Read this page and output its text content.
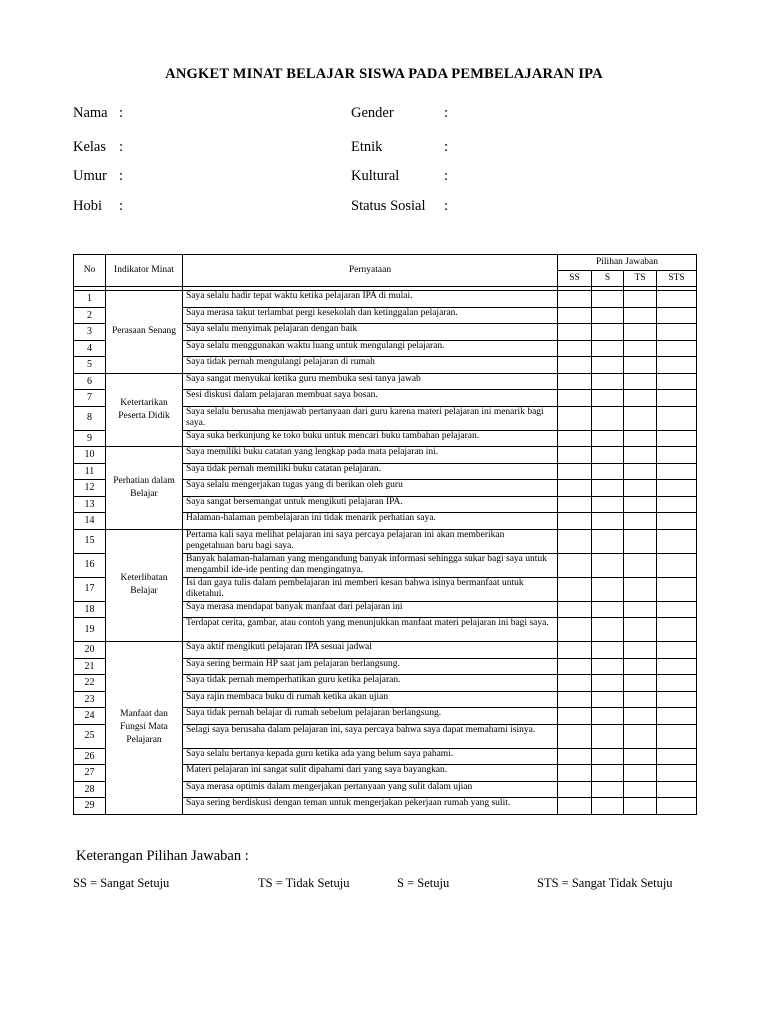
ANGKET MINAT BELAJAR SISWA PADA PEMBELAJARAN IPA
Nama :
Kelas :
Umur :
Hobi :
Gender	:
Etnik	:
Kultural	:
Status Sosial :
No	Indikator Minat	Pernyataan	Pilihan Jawaban			
			SS	S	TS	STS

1	Perasaan Senang	Saya selalu hadir tepat waktu ketika pelajaran IPA di mulai.				
2		Saya merasa takut terlambat pergi kesekolah dan ketinggalan pelajaran.				
3		Saya selalu menyimak pelajaran dengan baik				
4		Saya selalu menggunakan waktu luang untuk mengulangi pelajaran.				
5		Saya tidak pernah mengulangi pelajaran di rumah				
6	Ketertarikan Peserta Didik	Saya sangat menyukai ketika guru membuka sesi tanya jawab				
7		Sesi diskusi dalam pelajaran membuat saya bosan.				
8		Saya selalu berusaha menjawab pertanyaan dari guru karena materi pelajaran ini menarik bagi saya.				
9		Saya suka berkunjung ke toko buku untuk mencari buku tambahan pelajaran.				
10	Perhatian dalam Belajar	Saya memiliki buku catatan yang lengkap pada mata pelajaran ini.				
11		Saya tidak pernah memiliki buku catatan pelajaran.				
12		Saya selalu mengerjakan tugas yang di berikan oleh guru				
13		Saya sangat bersemangat untuk mengikuti pelajaran IPA.				
14		Halaman-halaman pembelajaran ini tidak menarik perhatian saya.				
15	Keterlibatan Belajar	Pertama kali saya melihat pelajaran ini saya percaya pelajaran ini akan memberikan pengetahuan baru bagi saya.				
16		Banyak halaman-halaman yang mengandung banyak informasi sehingga sukar bagi saya untuk mengambil ide-ide penting dan mengingatnya.				
17		Isi dan gaya tulis dalam pembelajaran ini memberi kesan bahwa isinya bermanfaat untuk diketahui.				
18		Saya merasa mendapat banyak manfaat dari pelajaran ini				
19		Terdapat cerita, gambar, atau contoh yang menunjukkan manfaat materi pelajaran ini bagi saya.				
20	Manfaat dan Fungsi Mata Pelajaran	Saya aktif mengikuti pelajaran IPA sesuai jadwal				
21		Saya sering bermain HP saat jam pelajaran berlangsung.				
22		Saya tidak pernah memperhatikan guru ketika pelajaran.				
23		Saya rajin membaca buku di rumah ketika akan ujian				
24		Saya tidak pernah belajar di rumah sebelum pelajaran berlangsung.				
25		Selagi saya berusaha dalam pelajaran ini, saya percaya bahwa saya dapat memahami isinya.				
26		Saya selalu bertanya kepada guru ketika ada yang belum saya pahami.				
27		Materi pelajaran ini sangat sulit dipahami dari yang saya bayangkan.				
28		Saya merasa optimis dalam mengerjakan pertanyaan yang sulit dalam ujian				
29		Saya sering berdiskusi dengan teman untuk mengerjakan pekerjaan rumah yang sulit.				
Keterangan Pilihan Jawaban :
SS = Sangat Setuju	TS = Tidak Setuju	S = Setuju	STS = Sangat Tidak Setuju
